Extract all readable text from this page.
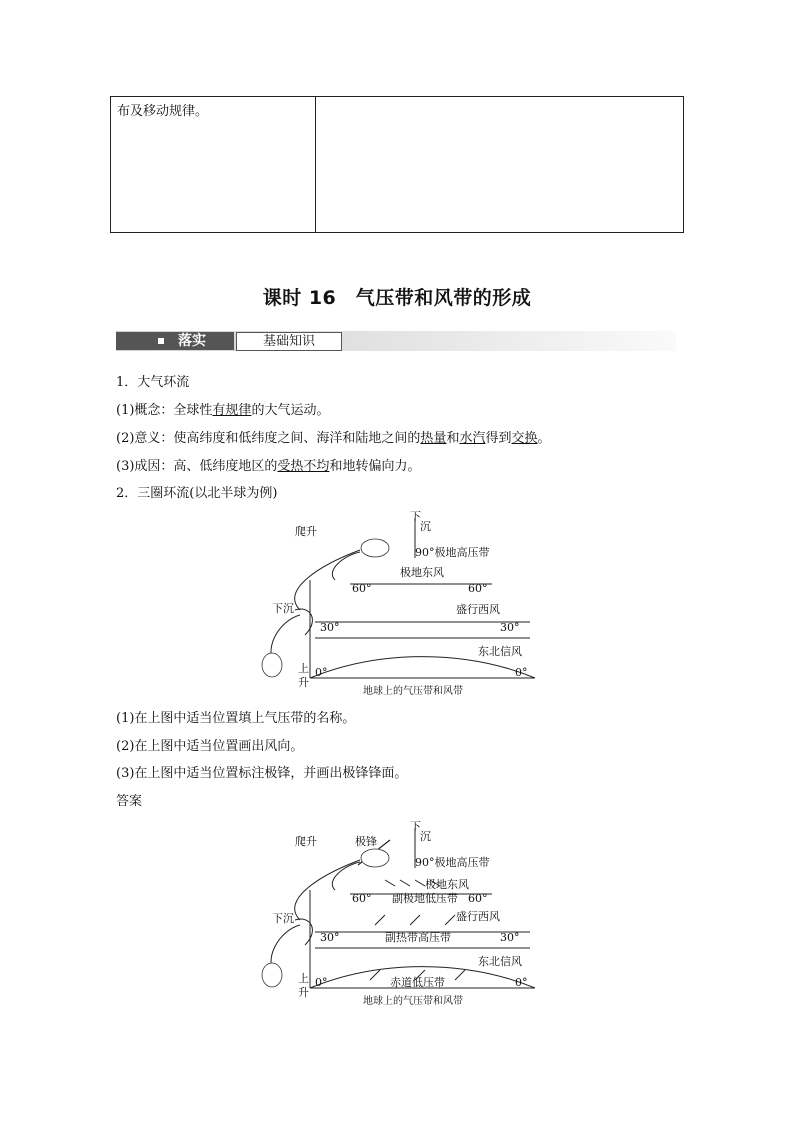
布及移动规律。
课时 16　气压带和风带的形成
落实	基础知识
1．大气环流
(1)概念：全球性有规律的大气运动。
(2)意义：使高纬度和低纬度之间、海洋和陆地之间的热量和水汽得到交换。
(3)成因：高、低纬度地区的受热不均和地转偏向力。
2．三圈环流(以北半球为例)
下
沉
90°极地高压带
爬升
极地东风
60°	60°
盛行西风
下沉
30°	30°
东北信风
上
升
0°	0°
地球上的气压带和风带
(1)在上图中适当位置填上气压带的名称。
(2)在上图中适当位置画出风向。
(3)在上图中适当位置标注极锋，并画出极锋锋面。
答案
极锋
下
沉
90°极地高压带
爬升
极地东风
60° 副极地低压带 60°
盛行西风
下沉
30°	副热带高压带	30°
东北信风
上
升
0°	赤道低压带	0°
地球上的气压带和风带
